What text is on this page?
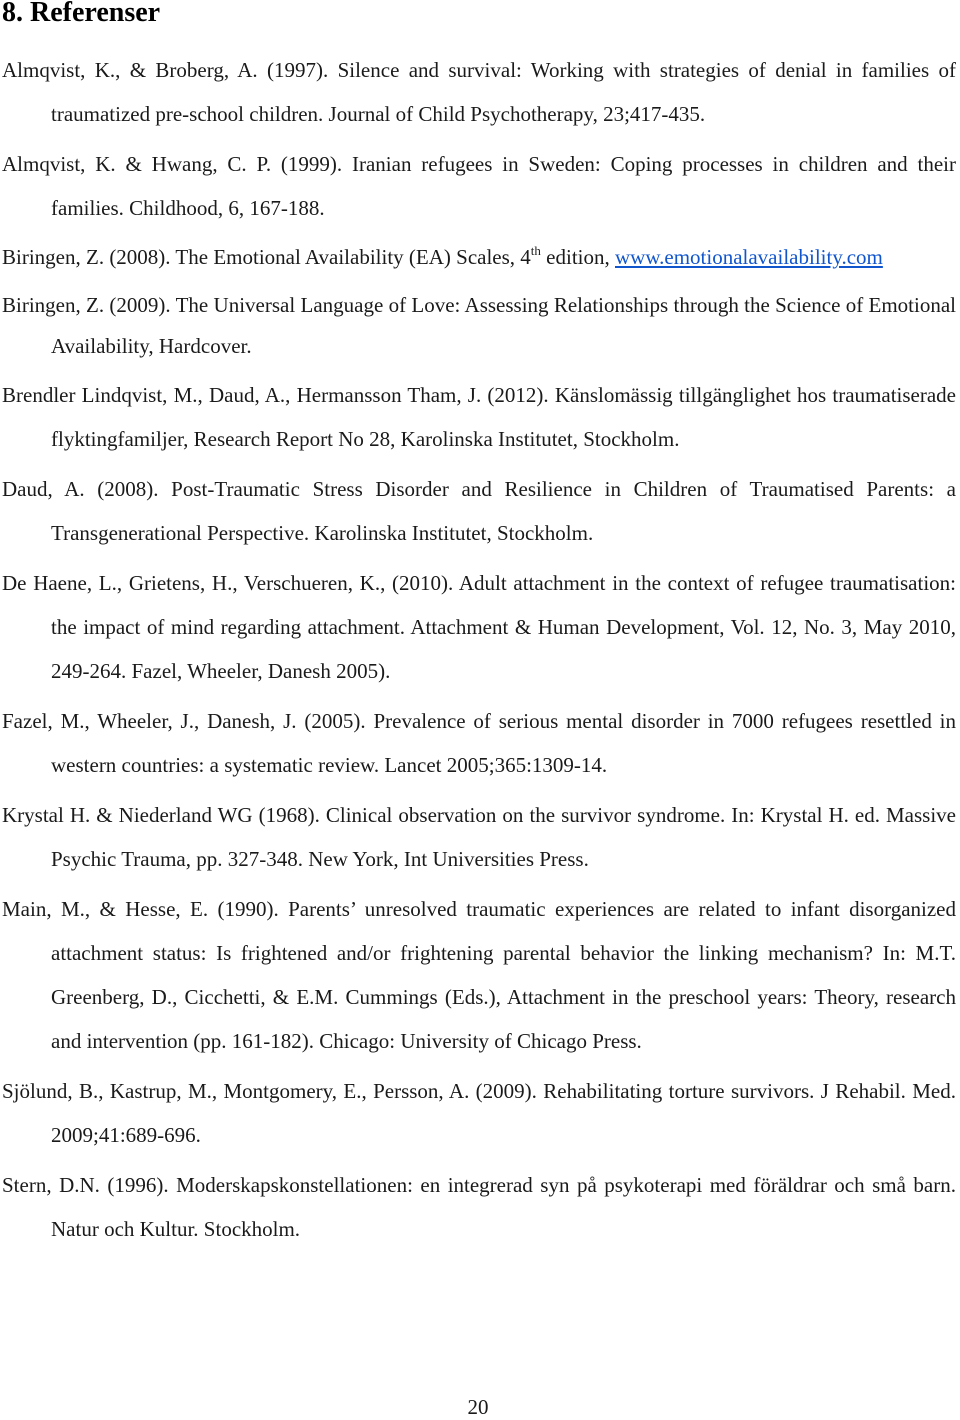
8. Referenser

Almqvist, K., & Broberg, A. (1997). Silence and survival: Working with strategies of denial in families of traumatized pre-school children. Journal of Child Psychotherapy, 23;417-435.

Almqvist, K. & Hwang, C. P. (1999). Iranian refugees in Sweden: Coping processes in children and their families. Childhood, 6, 167-188.

Biringen, Z. (2008). The Emotional Availability (EA) Scales, 4th edition, www.emotionalavailability.com

Biringen, Z. (2009). The Universal Language of Love: Assessing Relationships through the Science of Emotional Availability, Hardcover.

Brendler Lindqvist, M., Daud, A., Hermansson Tham, J. (2012). Känslomässig tillgänglighet hos traumatiserade flyktingfamiljer, Research Report No 28, Karolinska Institutet, Stockholm.

Daud, A. (2008). Post-Traumatic Stress Disorder and Resilience in Children of Traumatised Parents: a Transgenerational Perspective. Karolinska Institutet, Stockholm.

De Haene, L., Grietens, H., Verschueren, K., (2010). Adult attachment in the context of refugee traumatisation: the impact of mind regarding attachment. Attachment & Human Development, Vol. 12, No. 3, May 2010, 249-264. Fazel, Wheeler, Danesh 2005).

Fazel, M., Wheeler, J., Danesh, J. (2005). Prevalence of serious mental disorder in 7000 refugees resettled in western countries: a systematic review. Lancet 2005;365:1309-14.

Krystal H. & Niederland WG (1968). Clinical observation on the survivor syndrome. In: Krystal H. ed. Massive Psychic Trauma, pp. 327-348. New York, Int Universities Press.

Main, M., & Hesse, E. (1990). Parents’ unresolved traumatic experiences are related to infant disorganized attachment status: Is frightened and/or frightening parental behavior the linking mechanism? In: M.T. Greenberg, D., Cicchetti, & E.M. Cummings (Eds.), Attachment in the preschool years: Theory, research and intervention (pp. 161-182). Chicago: University of Chicago Press.

Sjölund, B., Kastrup, M., Montgomery, E., Persson, A. (2009). Rehabilitating torture survivors. J Rehabil. Med. 2009;41:689-696.

Stern, D.N. (1996). Moderskapskonstellationen: en integrerad syn på psykoterapi med föräldrar och små barn. Natur och Kultur. Stockholm.

20
